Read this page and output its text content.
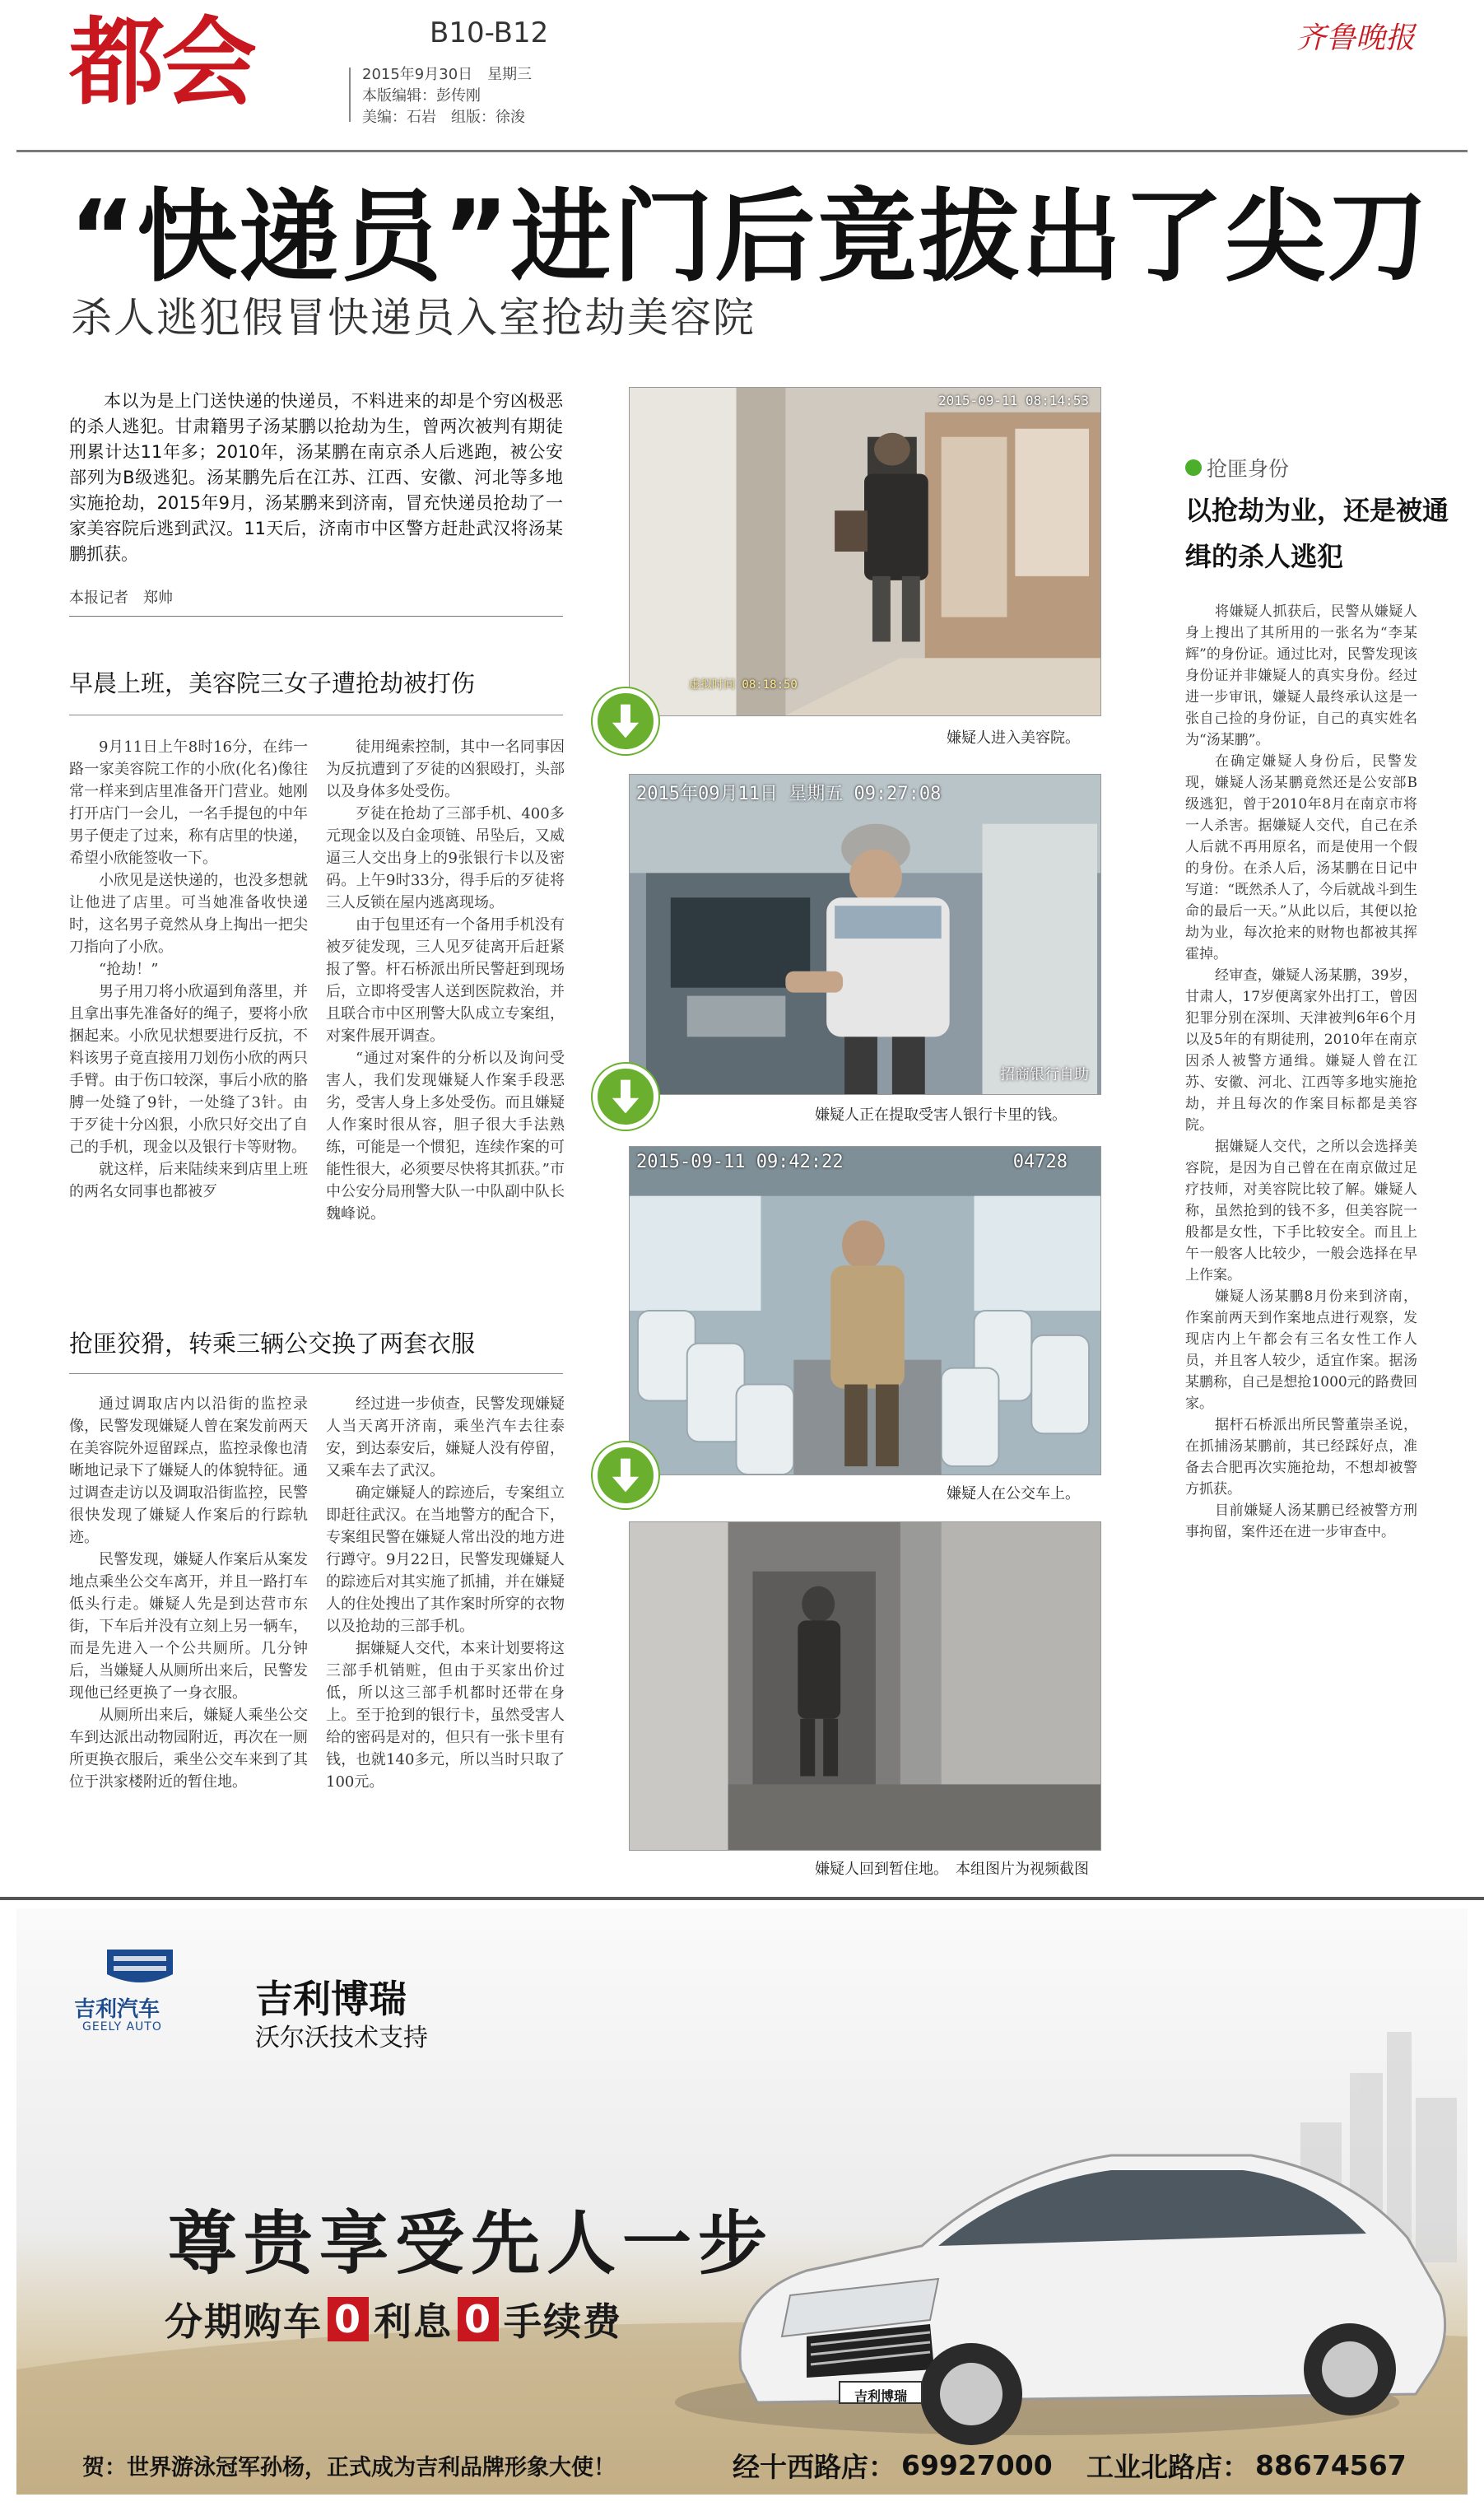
都会	B10-B12
2015年9月30日　星期三
本版编辑：彭传刚
美编：石岩　组版：徐浚
齐鲁晚报
“快递员”进门后竟拔出了尖刀
杀人逃犯假冒快递员入室抢劫美容院
本以为是上门送快递的快递员，不料进来的却是个穷凶极恶的杀人逃犯。甘肃籍男子汤某鹏以抢劫为生，曾两次被判有期徒刑累计达11年多；2010年，汤某鹏在南京杀人后逃跑，被公安部列为B级逃犯。汤某鹏先后在江苏、江西、安徽、河北等多地实施抢劫，2015年9月，汤某鹏来到济南，冒充快递员抢劫了一家美容院后逃到武汉。11天后，济南市中区警方赶赴武汉将汤某鹏抓获。
本报记者　郑帅
早晨上班，美容院三女子遭抢劫被打伤

9月11日上午8时16分，在纬一路一家美容院工作的小欣(化名)像往常一样来到店里准备开门营业。她刚打开店门一会儿，一名手提包的中年男子便走了过来，称有店里的快递，希望小欣能签收一下。

小欣见是送快递的，也没多想就让他进了店里。可当她准备收快递时，这名男子竟然从身上掏出一把尖刀指向了小欣。

“抢劫！”

男子用刀将小欣逼到角落里，并且拿出事先准备好的绳子，要将小欣捆起来。小欣见状想要进行反抗，不料该男子竟直接用刀划伤小欣的两只手臂。由于伤口较深，事后小欣的胳膊一处缝了9针，一处缝了3针。由于歹徒十分凶狠，小欣只好交出了自己的手机，现金以及银行卡等财物。

就这样，后来陆续来到店里上班的两名女同事也都被歹

徒用绳索控制，其中一名同事因为反抗遭到了歹徒的凶狠殴打，头部以及身体多处受伤。

歹徒在抢劫了三部手机、400多元现金以及白金项链、吊坠后，又威逼三人交出身上的9张银行卡以及密码。上午9时33分，得手后的歹徒将三人反锁在屋内逃离现场。

由于包里还有一个备用手机没有被歹徒发现，三人见歹徒离开后赶紧报了警。杆石桥派出所民警赶到现场后，立即将受害人送到医院救治，并且联合市中区刑警大队成立专案组，对案件展开调查。

“通过对案件的分析以及询问受害人，我们发现嫌疑人作案手段恶劣，受害人身上多处受伤。而且嫌疑人作案时很从容，胆子很大手法熟练，可能是一个惯犯，连续作案的可能性很大，必须要尽快将其抓获。”市中公安分局刑警大队一中队副中队长魏峰说。

抢匪狡猾，转乘三辆公交换了两套衣服

通过调取店内以沿街的监控录像，民警发现嫌疑人曾在案发前两天在美容院外逗留踩点，监控录像也清晰地记录下了嫌疑人的体貌特征。通过调查走访以及调取沿街监控，民警很快发现了嫌疑人作案后的行踪轨迹。

民警发现，嫌疑人作案后从案发地点乘坐公交车离开，并且一路打车低头行走。嫌疑人先是到达营市东街，下车后并没有立刻上另一辆车，而是先进入一个公共厕所。几分钟后，当嫌疑人从厕所出来后，民警发现他已经更换了一身衣服。

从厕所出来后，嫌疑人乘坐公交车到达派出动物园附近，再次在一厕所更换衣服后，乘坐公交车来到了其位于洪家楼附近的暂住地。

经过进一步侦查，民警发现嫌疑人当天离开济南，乘坐汽车去往泰安，到达泰安后，嫌疑人没有停留，又乘车去了武汉。

确定嫌疑人的踪迹后，专案组立即赶往武汉。在当地警方的配合下，专案组民警在嫌疑人常出没的地方进行蹲守。9月22日，民警发现嫌疑人的踪迹后对其实施了抓捕，并在嫌疑人的住处搜出了其作案时所穿的衣物以及抢劫的三部手机。

据嫌疑人交代，本来计划要将这三部手机销赃，但由于买家出价过低，所以这三部手机都时还带在身上。至于抢到的银行卡，虽然受害人给的密码是对的，但只有一张卡里有钱，也就140多元，所以当时只取了100元。

2015-09-11 08:14:53
虚拟时间 08:18:50
嫌疑人进入美容院。
2015年09月11日 星期五 09:27:08
招商银行自助
嫌疑人正在提取受害人银行卡里的钱。
2015-09-11 09:42:22	04728
嫌疑人在公交车上。
嫌疑人回到暂住地。　本组图片为视频截图
抢匪身份
以抢劫为业，还是被通缉的杀人逃犯

将嫌疑人抓获后，民警从嫌疑人身上搜出了其所用的一张名为“李某辉”的身份证。通过比对，民警发现该身份证并非嫌疑人的真实身份。经过进一步审讯，嫌疑人最终承认这是一张自己捡的身份证，自己的真实姓名为“汤某鹏”。

在确定嫌疑人身份后，民警发现，嫌疑人汤某鹏竟然还是公安部B级逃犯，曾于2010年8月在南京市将一人杀害。据嫌疑人交代，自己在杀人后就不再用原名，而是使用一个假的身份。在杀人后，汤某鹏在日记中写道：“既然杀人了，今后就战斗到生命的最后一天。”从此以后，其便以抢劫为业，每次抢来的财物也都被其挥霍掉。

经审查，嫌疑人汤某鹏，39岁，甘肃人，17岁便离家外出打工，曾因犯罪分别在深圳、天津被判6年6个月以及5年的有期徒刑，2010年在南京因杀人被警方通缉。嫌疑人曾在江苏、安徽、河北、江西等多地实施抢劫，并且每次的作案目标都是美容院。

据嫌疑人交代，之所以会选择美容院，是因为自己曾在在南京做过足疗技师，对美容院比较了解。嫌疑人称，虽然抢到的钱不多，但美容院一般都是女性，下手比较安全。而且上午一般客人比较少，一般会选择在早上作案。

嫌疑人汤某鹏8月份来到济南，作案前两天到作案地点进行观察，发现店内上午都会有三名女性工作人员，并且客人较少，适宜作案。据汤某鹏称，自己是想抢1000元的路费回家。

据杆石桥派出所民警董崇圣说，在抓捕汤某鹏前，其已经踩好点，准备去合肥再次实施抢劫，不想却被警方抓获。

目前嫌疑人汤某鹏已经被警方刑事拘留，案件还在进一步审查中。

吉利汽车
GEELY AUTO
吉利博瑞
沃尔沃技术支持
尊贵享受先人一步
分期购车 0 利息 0 手续费
吉利博瑞
贺：世界游泳冠军孙杨，正式成为吉利品牌形象大使！	经十西路店： 69927000 工业北路店： 88674567
